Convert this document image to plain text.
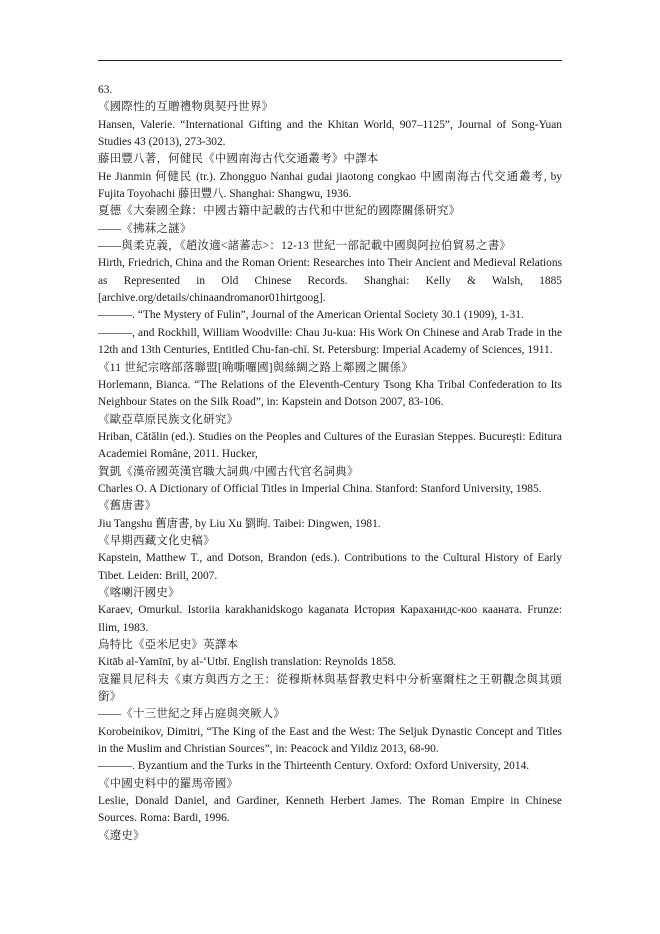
63.

《國際性的互贈禮物與契丹世界》

Hansen, Valerie. “International Gifting and the Khitan World, 907–1125”, Journal of Song-Yuan Studies 43 (2013), 273-302.

藤田豐八著，何健民《中國南海古代交通叢考》中譯本

He Jianmin 何健民 (tr.). Zhongguo Nanhai gudai jiaotong congkao 中國南海古代交通叢考, by Fujita Toyohachi 藤田豐八. Shanghai: Shangwu, 1936.

夏德《大秦國全錄：中國古籍中記載的古代和中世紀的國際關係研究》

——《拂菻之謎》

——與柔克義，《趙汝適<諸蕃志>：12-13 世紀一部記載中國與阿拉伯貿易之書》

Hirth, Friedrich, China and the Roman Orient: Researches into Their Ancient and Medieval Relations as Represented in Old Chinese Records. Shanghai: Kelly & Walsh, 1885 [archive.org/details/chinaandromanor01hirtgoog].

———. “The Mystery of Fulin”, Journal of the American Oriental Society 30.1 (1909), 1-31.

———, and Rockhill, William Woodville: Chau Ju-kua: His Work On Chinese and Arab Trade in the 12th and 13th Centuries, Entitled Chu-fan-chï. St. Petersburg: Imperial Academy of Sciences, 1911.

《11 世紀宗喀部落聯盟[唃嘶囉國]與絲綢之路上鄰國之關係》

Horlemann, Bianca. “The Relations of the Eleventh-Century Tsong Kha Tribal Confederation to Its Neighbour States on the Silk Road”, in: Kapstein and Dotson 2007, 83-106.

《歐亞草原民族文化研究》

Hriban, Cătălin (ed.). Studies on the Peoples and Cultures of the Eurasian Steppes. Bucureşti: Editura Academiei Române, 2011. Hucker,

賀凱《漢帝國英漢官職大詞典/中國古代官名詞典》

Charles O. A Dictionary of Official Titles in Imperial China. Stanford: Stanford University, 1985.

《舊唐書》

Jiu Tangshu 舊唐書, by Liu Xu 劉昫. Taibei: Dingwen, 1981.

《早期西藏文化史稿》

Kapstein, Matthew T., and Dotson, Brandon (eds.). Contributions to the Cultural History of Early Tibet. Leiden: Brill, 2007.

《喀喇汗國史》

Karaev, Omurkul. Istoriia karakhanidskogo kaganata История Караханидс-коо кааната. Frunze: Ilim, 1983.

烏特比《亞米尼史》英譯本

Kitāb al-Yamīnī, by al-‘Utbī. English translation: Reynolds 1858.

寇羅貝尼科夫《東方與西方之王：從穆斯林與基督教史料中分析塞爾柱之王朝觀念與其頭銜》

——《十三世紀之拜占庭與突厥人》

Korobeinikov, Dimitri, “The King of the East and the West: The Seljuk Dynastic Concept and Titles in the Muslim and Christian Sources”, in: Peacock and Yildiz 2013, 68-90.

———. Byzantium and the Turks in the Thirteenth Century. Oxford: Oxford University, 2014.

《中國史料中的羅馬帝國》

Leslie, Donald Daniel, and Gardiner, Kenneth Herbert James. The Roman Empire in Chinese Sources. Roma: Bardi, 1996.

《遼史》
